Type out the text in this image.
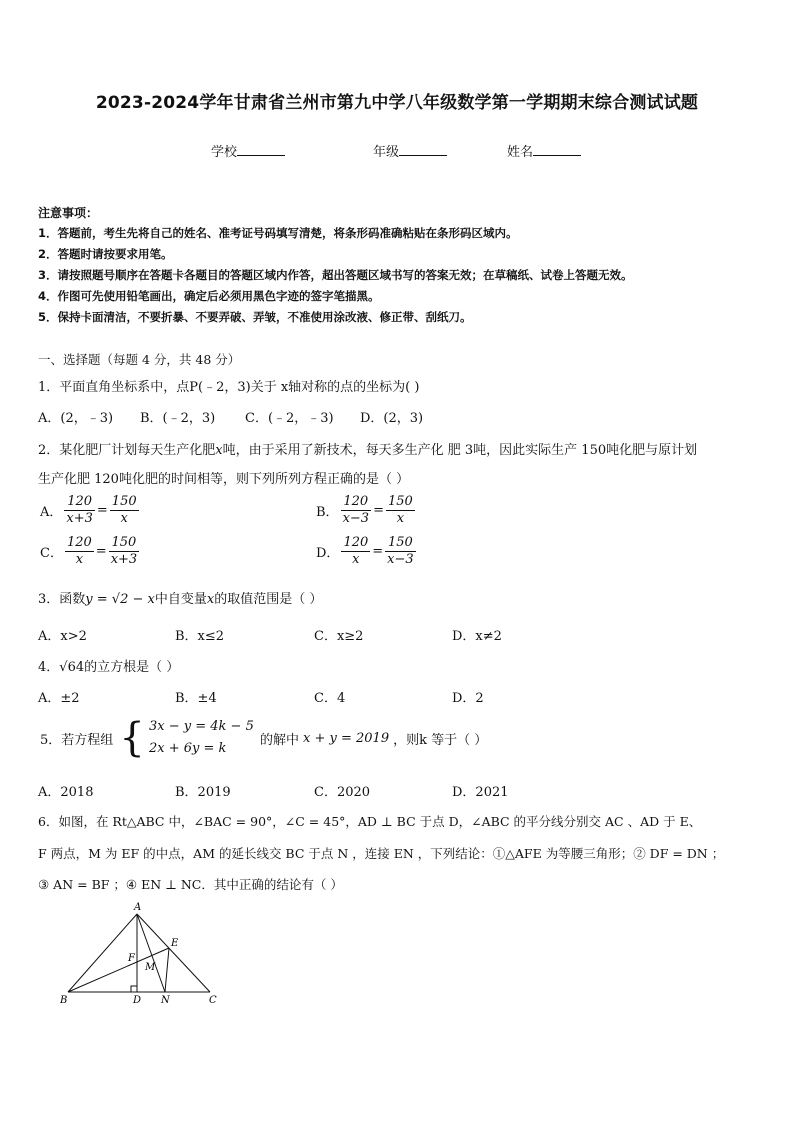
2023-2024学年甘肃省兰州市第九中学八年级数学第一学期期末综合测试试题
学校	年级	姓名
注意事项：
1．答题前，考生先将自己的姓名、准考证号码填写清楚，将条形码准确粘贴在条形码区域内。
2．答题时请按要求用笔。
3．请按照题号顺序在答题卡各题目的答题区域内作答，超出答题区域书写的答案无效；在草稿纸、试卷上答题无效。
4．作图可先使用铅笔画出，确定后必须用黑色字迹的签字笔描黑。
5．保持卡面清洁，不要折暴、不要弄破、弄皱，不准使用涂改液、修正带、刮纸刀。
一、选择题（每题 4 分，共 48 分）
1．平面直角坐标系中，点P(﹣2，3)关于 x轴对称的点的坐标为( )
A．(2，﹣3) B．(﹣2，3) C．(﹣2，﹣3) D．(2，3)
2．某化肥厂计划每天生产化肥x吨，由于采用了新技术，每天多生产化 肥 3吨，因此实际生产 150吨化肥与原计划
生产化肥 120吨化肥的时间相等，则下列所列方程正确的是（ ）
A． $\frac{120}{x+3} = \frac{150}{x}$	B． $\frac{120}{x-3} = \frac{150}{x}$
C． $\frac{120}{x} = \frac{150}{x+3}$	D． $\frac{120}{x} = \frac{150}{x-3}$
3．函数y = √2 − x中自变量x的取值范围是（ ）
A．x>2	B．x≤2	C．x≥2	D．x≠2
4．√64的立方根是（ ）
A．±2	B．±4	C．4	D．2
5．若方程组 { 3x − y = 4k − 5
2x + 6y = k
的解中 x + y = 2019 ，则k 等于（ ）
A．2018	B．2019	C．2020	D．2021
6．如图，在 Rt△ABC 中，∠BAC = 90°，∠C = 45°，AD ⊥ BC 于点 D，∠ABC 的平分线分别交 AC 、AD 于 E、
F 两点，M 为 EF 的中点，AM 的延长线交 BC 于点 N ，连接 EN ，下列结论：①△AFE 为等腰三角形；② DF = DN ；
③ AN = BF ；④ EN ⊥ NC．其中正确的结论有（ ）
A
B	C
D
E
F
M
N
